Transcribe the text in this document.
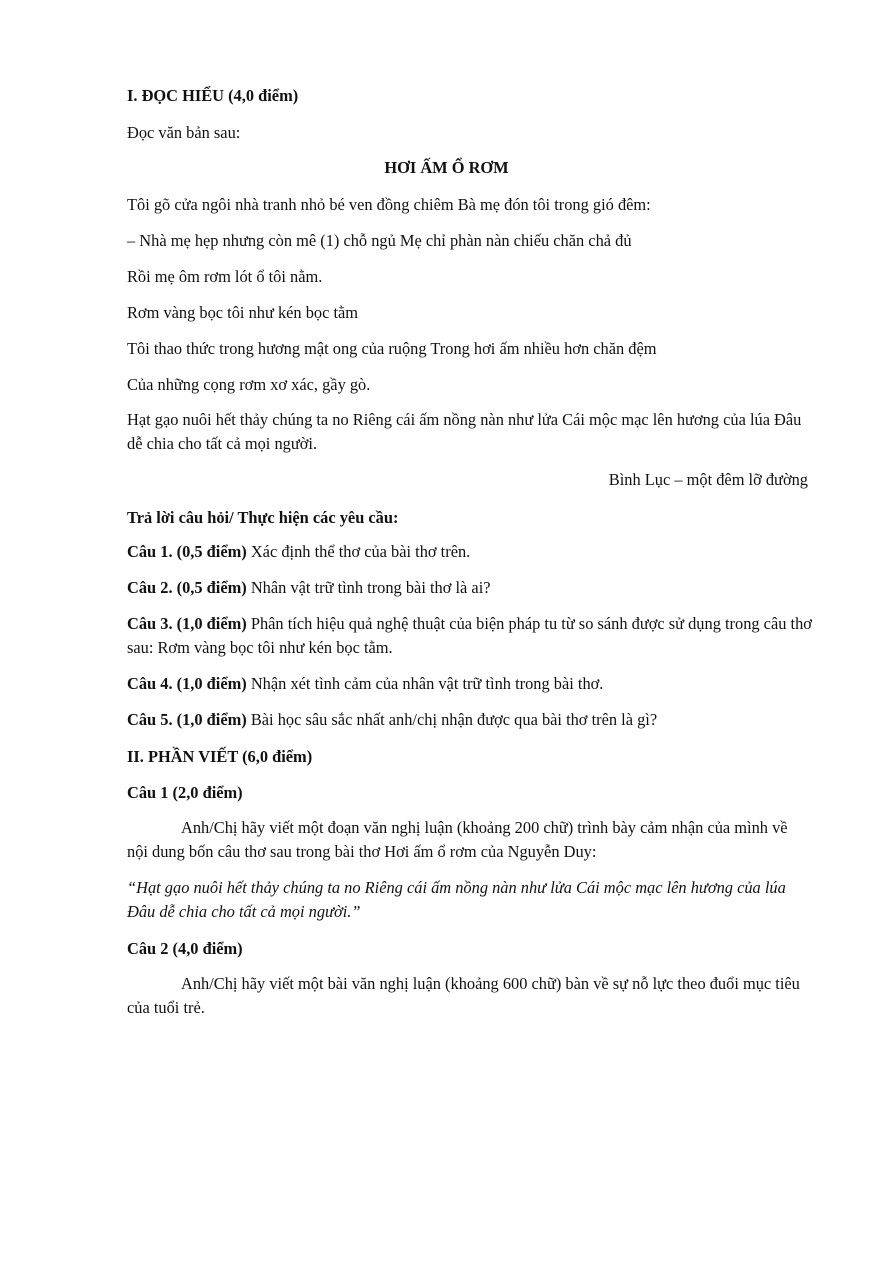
I. ĐỌC HIỂU (4,0 điểm)
Đọc văn bản sau:
HƠI ẤM Ổ RƠM
Tôi gõ cửa ngôi nhà tranh nhỏ bé ven đồng chiêm Bà mẹ đón tôi trong gió đêm:
– Nhà mẹ hẹp nhưng còn mê (1) chỗ ngủ Mẹ chỉ phàn nàn chiếu chăn chả đủ
Rồi mẹ ôm rơm lót ổ tôi nằm.
Rơm vàng bọc tôi như kén bọc tằm
Tôi thao thức trong hương mật ong của ruộng Trong hơi ấm nhiều hơn chăn đệm
Của những cọng rơm xơ xác, gầy gò.
Hạt gạo nuôi hết thảy chúng ta no Riêng cái ấm nồng nàn như lửa Cái mộc mạc lên hương của lúa Đâu dễ chia cho tất cả mọi người.
Bình Lục – một đêm lỡ đường
Trả lời câu hỏi/ Thực hiện các yêu cầu:
Câu 1. (0,5 điểm) Xác định thể thơ của bài thơ trên.
Câu 2. (0,5 điểm) Nhân vật trữ tình trong bài thơ là ai?
Câu 3. (1,0 điểm) Phân tích hiệu quả nghệ thuật của biện pháp tu từ so sánh được sử dụng trong câu thơ sau: Rơm vàng bọc tôi như kén bọc tằm.
Câu 4. (1,0 điểm) Nhận xét tình cảm của nhân vật trữ tình trong bài thơ.
Câu 5. (1,0 điểm) Bài học sâu sắc nhất anh/chị nhận được qua bài thơ trên là gì?
II. PHẦN VIẾT (6,0 điểm)
Câu 1 (2,0 điểm)
Anh/Chị hãy viết một đoạn văn nghị luận (khoảng 200 chữ) trình bày cảm nhận của mình về nội dung bốn câu thơ sau trong bài thơ Hơi ấm ổ rơm của Nguyễn Duy:
“Hạt gạo nuôi hết thảy chúng ta no Riêng cái ấm nồng nàn như lửa Cái mộc mạc lên hương của lúa Đâu dễ chia cho tất cả mọi người.”
Câu 2 (4,0 điểm)
Anh/Chị hãy viết một bài văn nghị luận (khoảng 600 chữ) bàn về sự nỗ lực theo đuổi mục tiêu của tuổi trẻ.
